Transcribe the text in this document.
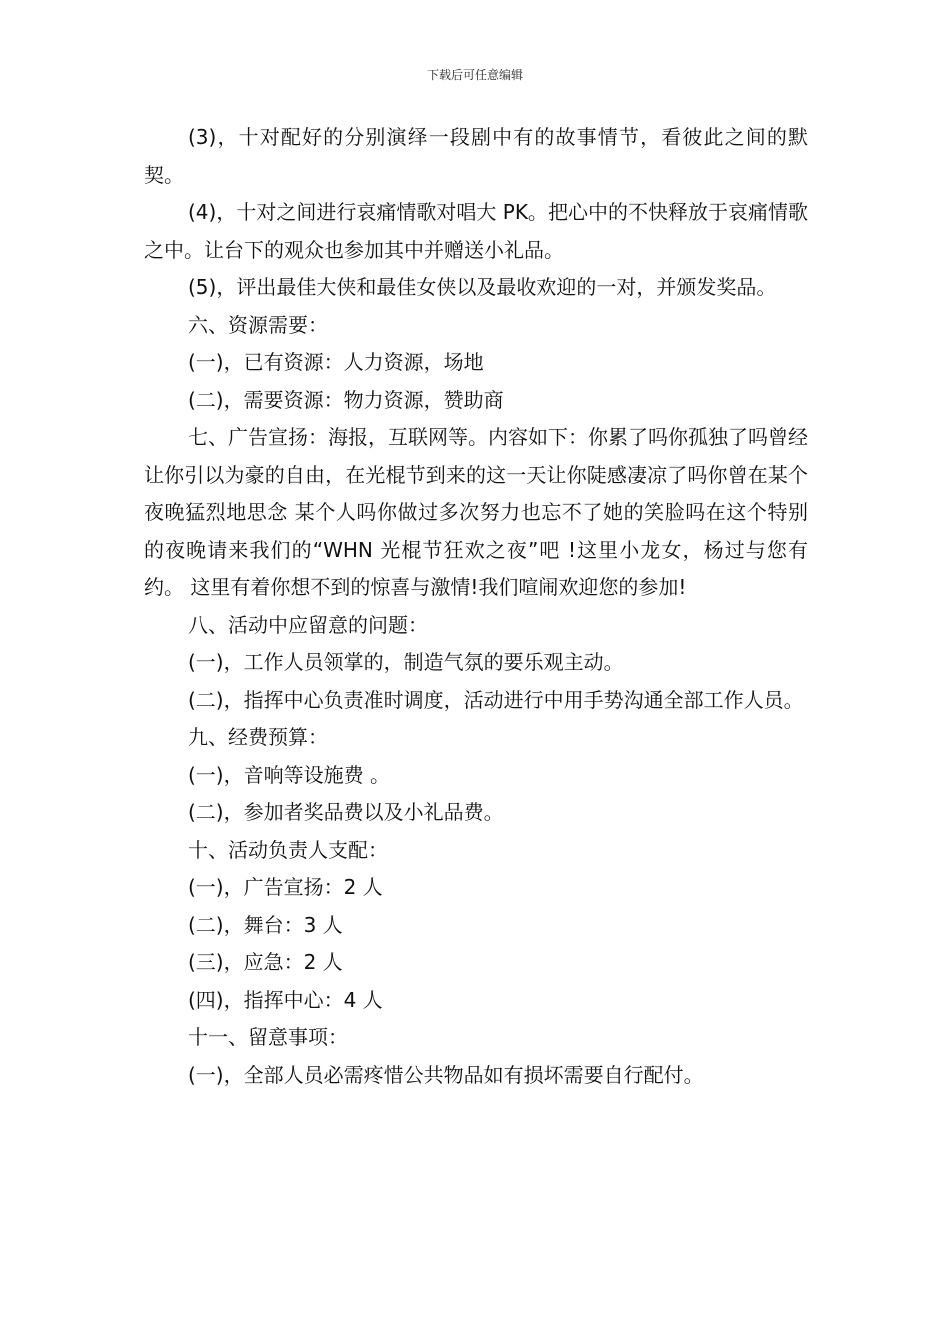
下载后可任意编辑

(3)，十对配好的分别演绎一段剧中有的故事情节，看彼此之间的默契。

(4)，十对之间进行哀痛情歌对唱大 PK。把心中的不快释放于哀痛情歌之中。让台下的观众也参加其中并赠送小礼品。

(5)，评出最佳大侠和最佳女侠以及最收欢迎的一对，并颁发奖品。

六、资源需要：

(一)，已有资源：人力资源，场地

(二)，需要资源：物力资源，赞助商

七、广告宣扬：海报，互联网等。内容如下：你累了吗你孤独了吗曾经让你引以为豪的自由，在光棍节到来的这一天让你陡感凄凉了吗你曾在某个夜晚猛烈地思念 某个人吗你做过多次努力也忘不了她的笑脸吗在这个特别的夜晚请来我们的“WHN 光棍节狂欢之夜”吧 !这里小龙女，杨过与您有约。 这里有着你想不到的惊喜与激情!我们喧闹欢迎您的参加!

八、活动中应留意的问题：

(一)，工作人员领掌的，制造气氛的要乐观主动。

(二)，指挥中心负责准时调度，活动进行中用手势沟通全部工作人员。

九、经费预算：

(一)，音响等设施费 。

(二)，参加者奖品费以及小礼品费。

十、活动负责人支配：

(一)，广告宣扬：2 人

(二)，舞台：3 人

(三)，应急：2 人

(四)，指挥中心：4 人

十一、留意事项：

(一)，全部人员必需疼惜公共物品如有损坏需要自行配付。
